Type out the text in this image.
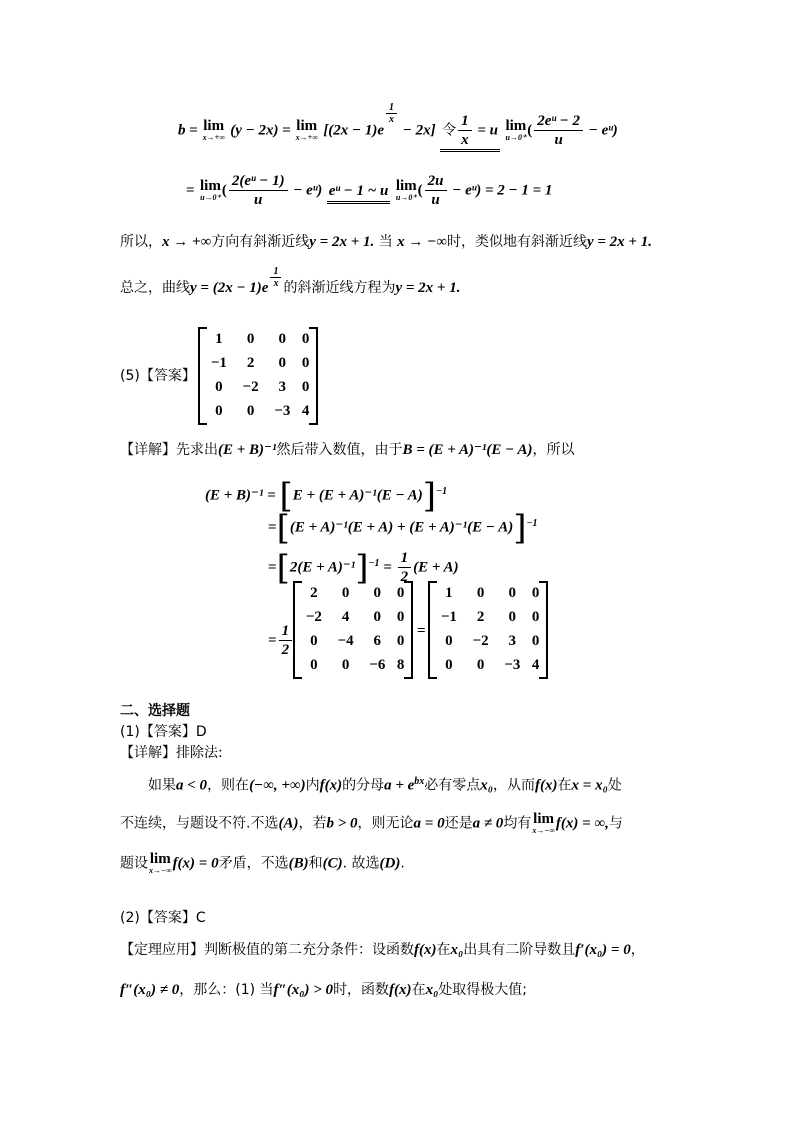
b = lim
x→+∞ (y − 2x) = lim
x→+∞ [(2x − 1)e
$\frac{1}{x}$
− 2x] 令 $\frac{1}{x} = u$ lim
u→0⁺ ( $\frac{\text{2eᵘ − 2}}{u}$ − eᵘ)
= lim
u→0⁺ ( $\frac{\text{2(eᵘ − 1)}}{u}$ − eᵘ) eᵘ − 1 ~ u lim
u→0⁺ ( $\frac{2u}{u}$ − eᵘ) = 2 − 1 = 1
所以，x → +∞方向有斜渐近线y = 2x + 1. 当 x → −∞时，类似地有斜渐近线y = 2x + 1.
总之，曲线$y = (2x - 1)e \frac{1}{x}$ 的斜渐近线方程为y = 2x + 1.
(5)【答案】
1	0	0	0
−1	2	0	0
0	−2	3	0
0	0	−3	4
【详解】先求出(E + B)⁻¹然后带入数值，由于B = (E + A)⁻¹(E − A)，所以
$(E + B)^{-1} = [E + (E + A)^{-1}(E - A)]^{-1}$
$=[(E + A)^{-1}(E + A) + (E + A)^{-1}(E - A)]^{-1}$
$=[2(E + A)^{-1}]^{-1} = \frac{1}{2} (E + A)$
= $\frac{1}{2}$
2	0	0	0
−2	4	0	0
0	−4	6	0
0	0	−6	8
=
1	0	0	0
−1	2	0	0
0	−2	3	0
0	0	−3	4
二、选择题
(1)【答案】D
【详解】排除法:
如果a < 0，则在(−∞, +∞)内f(x)的分母$a + e^{bx}$必有零点x₀，从而f(x)在x = x₀处
不连续，与题设不符.不选(A)，若b > 0，则无论a = 0还是a ≠ 0均有 lim
x→−∞ f(x) = ∞,与
题设 lim
x→−∞ f(x) = 0矛盾，不选(B)和(C). 故选(D).
(2)【答案】C
【定理应用】判断极值的第二充分条件：设函数f(x)在x₀出具有二阶导数且f′(x₀) = 0，
f″(x₀) ≠ 0，那么：(1) 当f″(x₀) > 0时，函数f(x)在x₀处取得极大值;
